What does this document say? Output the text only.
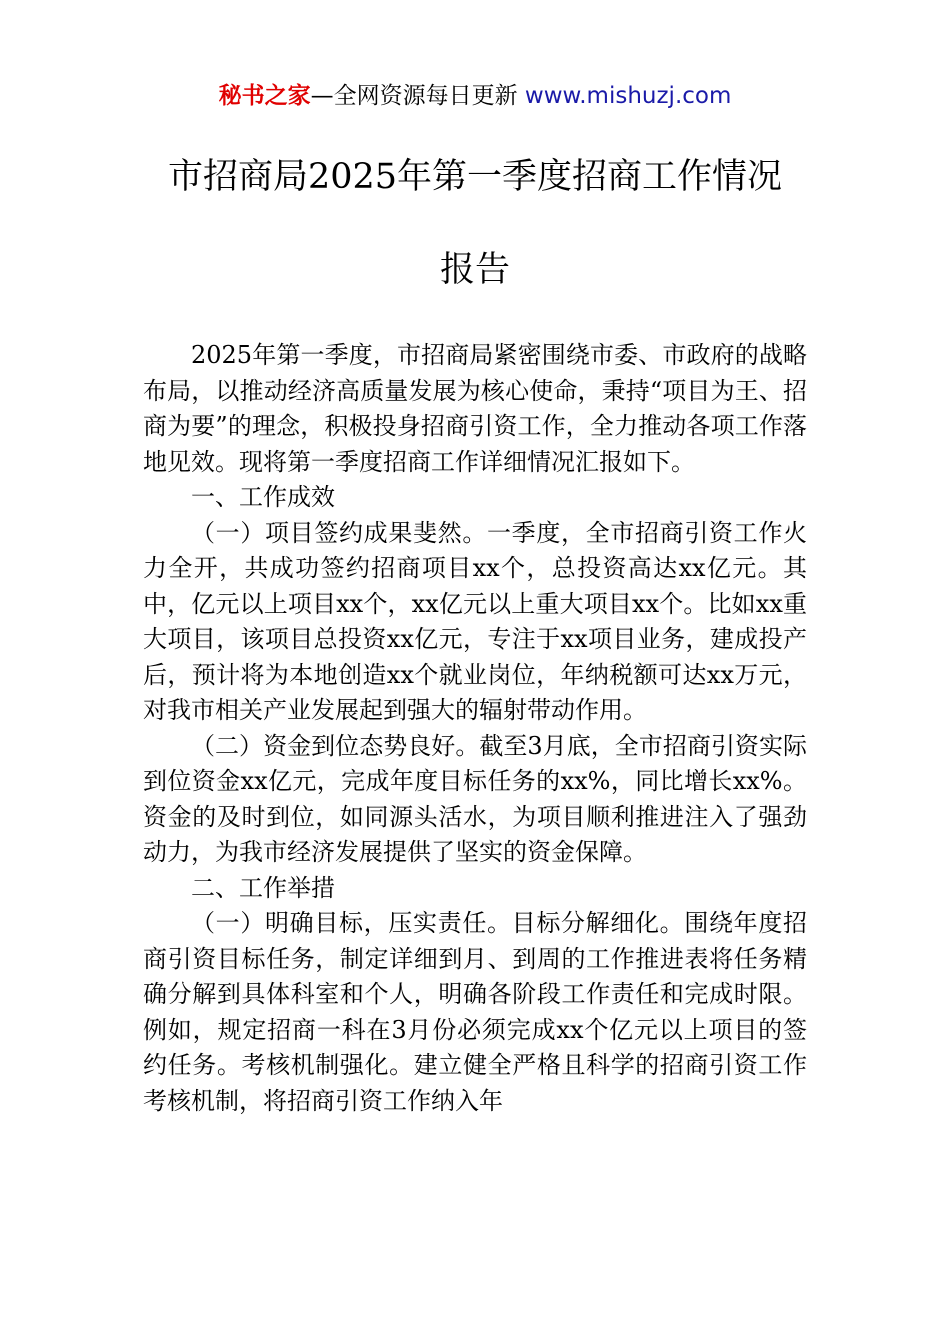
秘书之家—全网资源每日更新 www.mishuzj.com
市招商局2025年第一季度招商工作情况
报告

2025年第一季度，市招商局紧密围绕市委、市政府的战略布局，以推动经济高质量发展为核心使命，秉持“项目为王、招商为要”的理念，积极投身招商引资工作，全力推动各项工作落地见效。现将第一季度招商工作详细情况汇报如下。

一、工作成效

（一）项目签约成果斐然。一季度，全市招商引资工作火力全开，共成功签约招商项目xx个，总投资高达xx亿元。其中，亿元以上项目xx个，xx亿元以上重大项目xx个。比如xx重大项目，该项目总投资xx亿元，专注于xx项目业务，建成投产后，预计将为本地创造xx个就业岗位，年纳税额可达xx万元，对我市相关产业发展起到强大的辐射带动作用。

（二）资金到位态势良好。截至3月底，全市招商引资实际到位资金xx亿元，完成年度目标任务的xx%，同比增长xx%。资金的及时到位，如同源头活水，为项目顺利推进注入了强劲动力，为我市经济发展提供了坚实的资金保障。

二、工作举措

（一）明确目标，压实责任。目标分解细化。围绕年度招商引资目标任务，制定详细到月、到周的工作推进表将任务精确分解到具体科室和个人，明确各阶段工作责任和完成时限。例如，规定招商一科在3月份必须完成xx个亿元以上项目的签约任务。考核机制强化。建立健全严格且科学的招商引资工作考核机制，将招商引资工作纳入年
